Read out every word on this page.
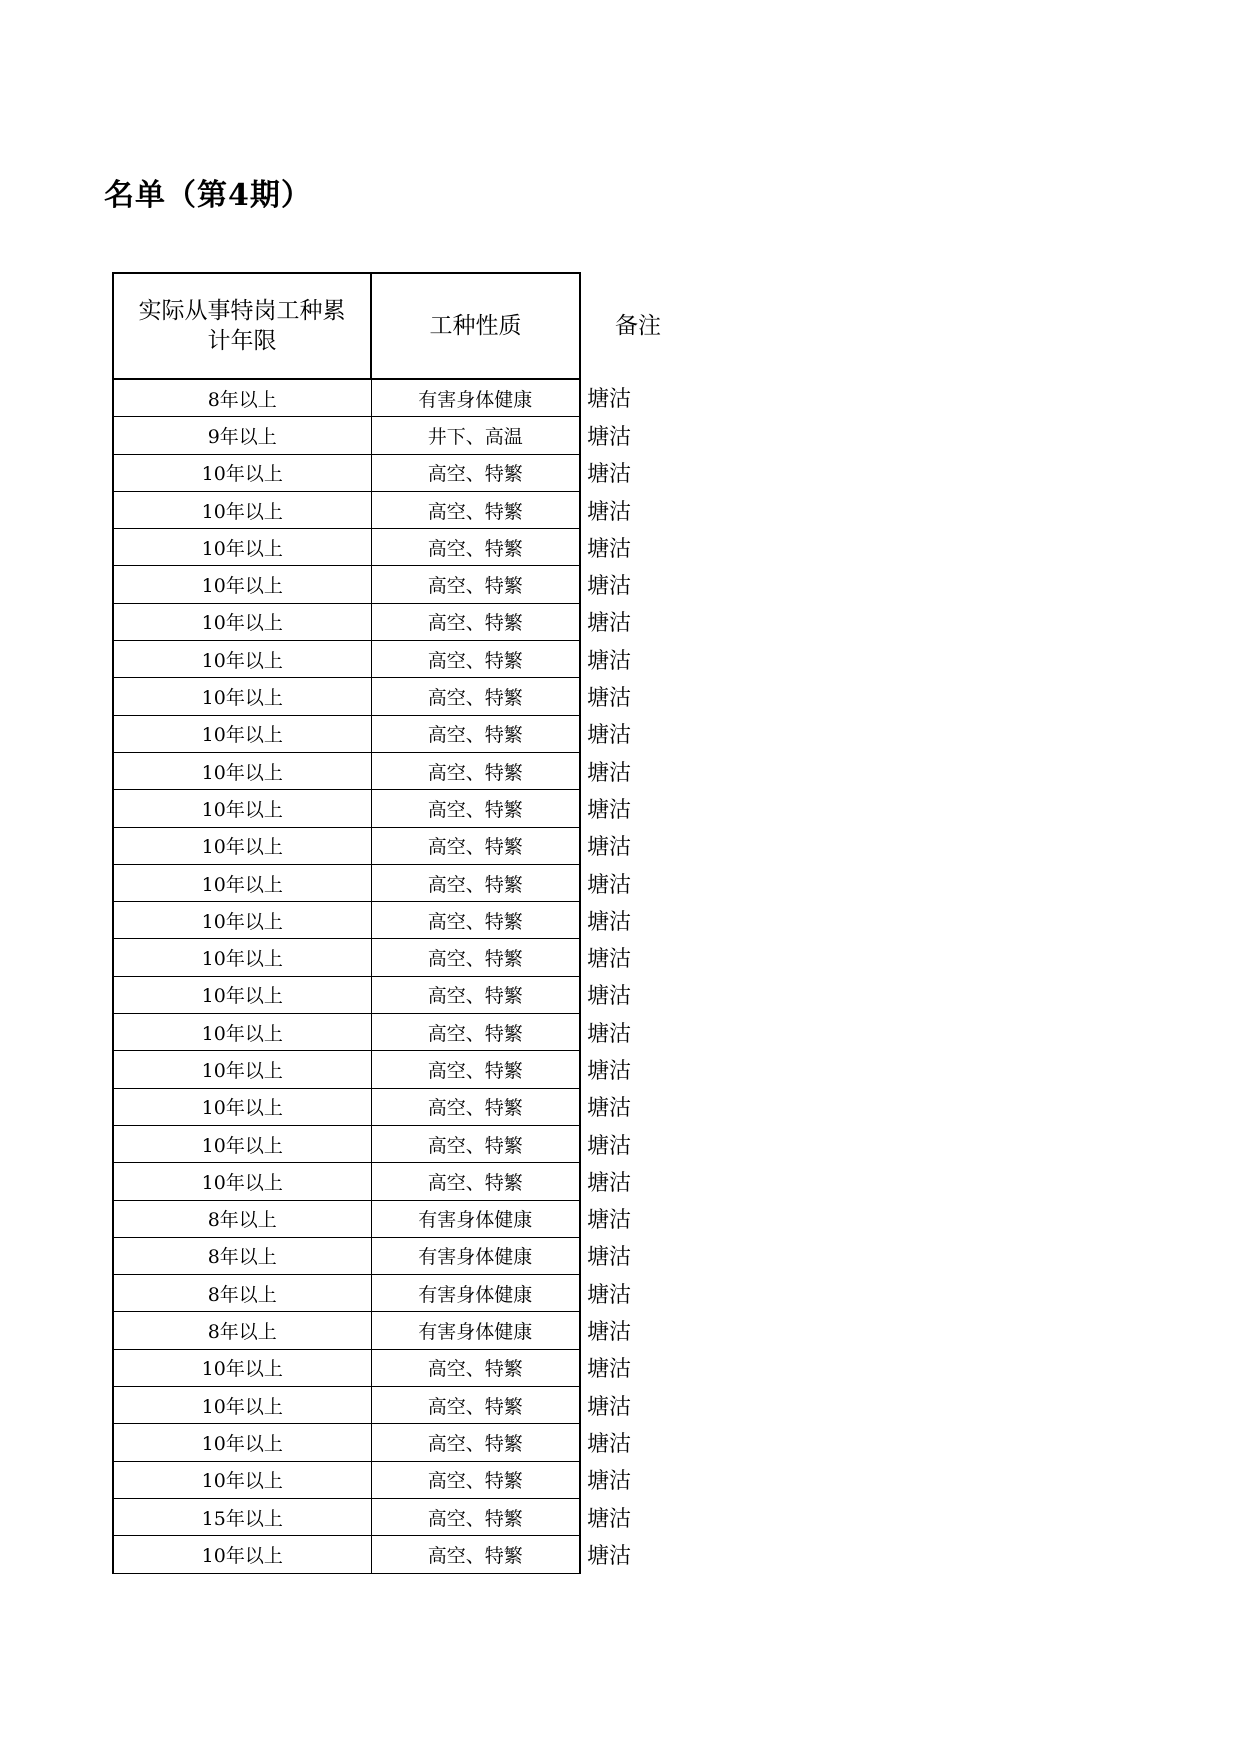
名单（第4期）
实际从事特岗工种累
计年限	工种性质	备注
8年以上	有害身体健康	塘沽
9年以上	井下、高温	塘沽
10年以上	高空、特繁	塘沽
10年以上	高空、特繁	塘沽
10年以上	高空、特繁	塘沽
10年以上	高空、特繁	塘沽
10年以上	高空、特繁	塘沽
10年以上	高空、特繁	塘沽
10年以上	高空、特繁	塘沽
10年以上	高空、特繁	塘沽
10年以上	高空、特繁	塘沽
10年以上	高空、特繁	塘沽
10年以上	高空、特繁	塘沽
10年以上	高空、特繁	塘沽
10年以上	高空、特繁	塘沽
10年以上	高空、特繁	塘沽
10年以上	高空、特繁	塘沽
10年以上	高空、特繁	塘沽
10年以上	高空、特繁	塘沽
10年以上	高空、特繁	塘沽
10年以上	高空、特繁	塘沽
10年以上	高空、特繁	塘沽
8年以上	有害身体健康	塘沽
8年以上	有害身体健康	塘沽
8年以上	有害身体健康	塘沽
8年以上	有害身体健康	塘沽
10年以上	高空、特繁	塘沽
10年以上	高空、特繁	塘沽
10年以上	高空、特繁	塘沽
10年以上	高空、特繁	塘沽
15年以上	高空、特繁	塘沽
10年以上	高空、特繁	塘沽
